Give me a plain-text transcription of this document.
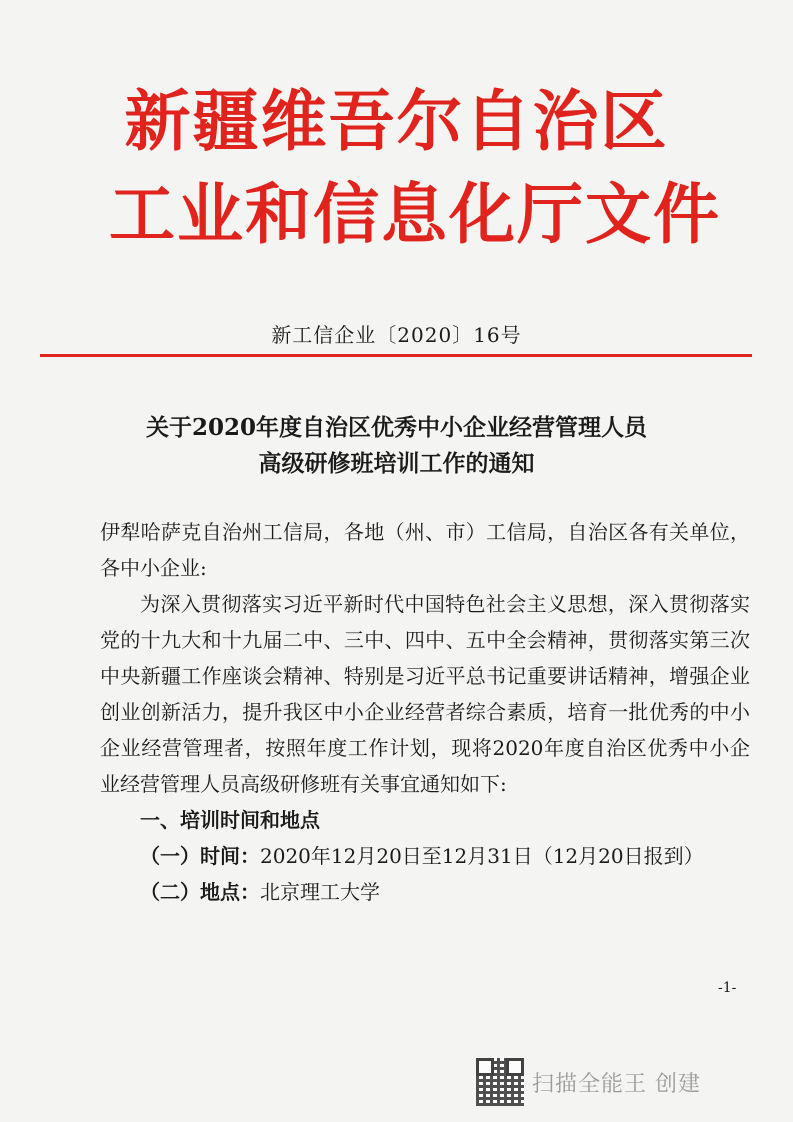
新疆维吾尔自治区
工业和信息化厅文件
新工信企业〔2020〕16号
关于2020年度自治区优秀中小企业经营管理人员
高级研修班培训工作的通知

伊犁哈萨克自治州工信局，各地（州、市）工信局，自治区各有关单位，各中小企业:

为深入贯彻落实习近平新时代中国特色社会主义思想，深入贯彻落实党的十九大和十九届二中、三中、四中、五中全会精神，贯彻落实第三次中央新疆工作座谈会精神、特别是习近平总书记重要讲话精神，增强企业创业创新活力，提升我区中小企业经营者综合素质，培育一批优秀的中小企业经营管理者，按照年度工作计划，现将2020年度自治区优秀中小企业经营管理人员高级研修班有关事宜通知如下:

一、培训时间和地点

（一）时间：2020年12月20日至12月31日（12月20日报到）

（二）地点：北京理工大学

-1-
扫描全能王 创建
